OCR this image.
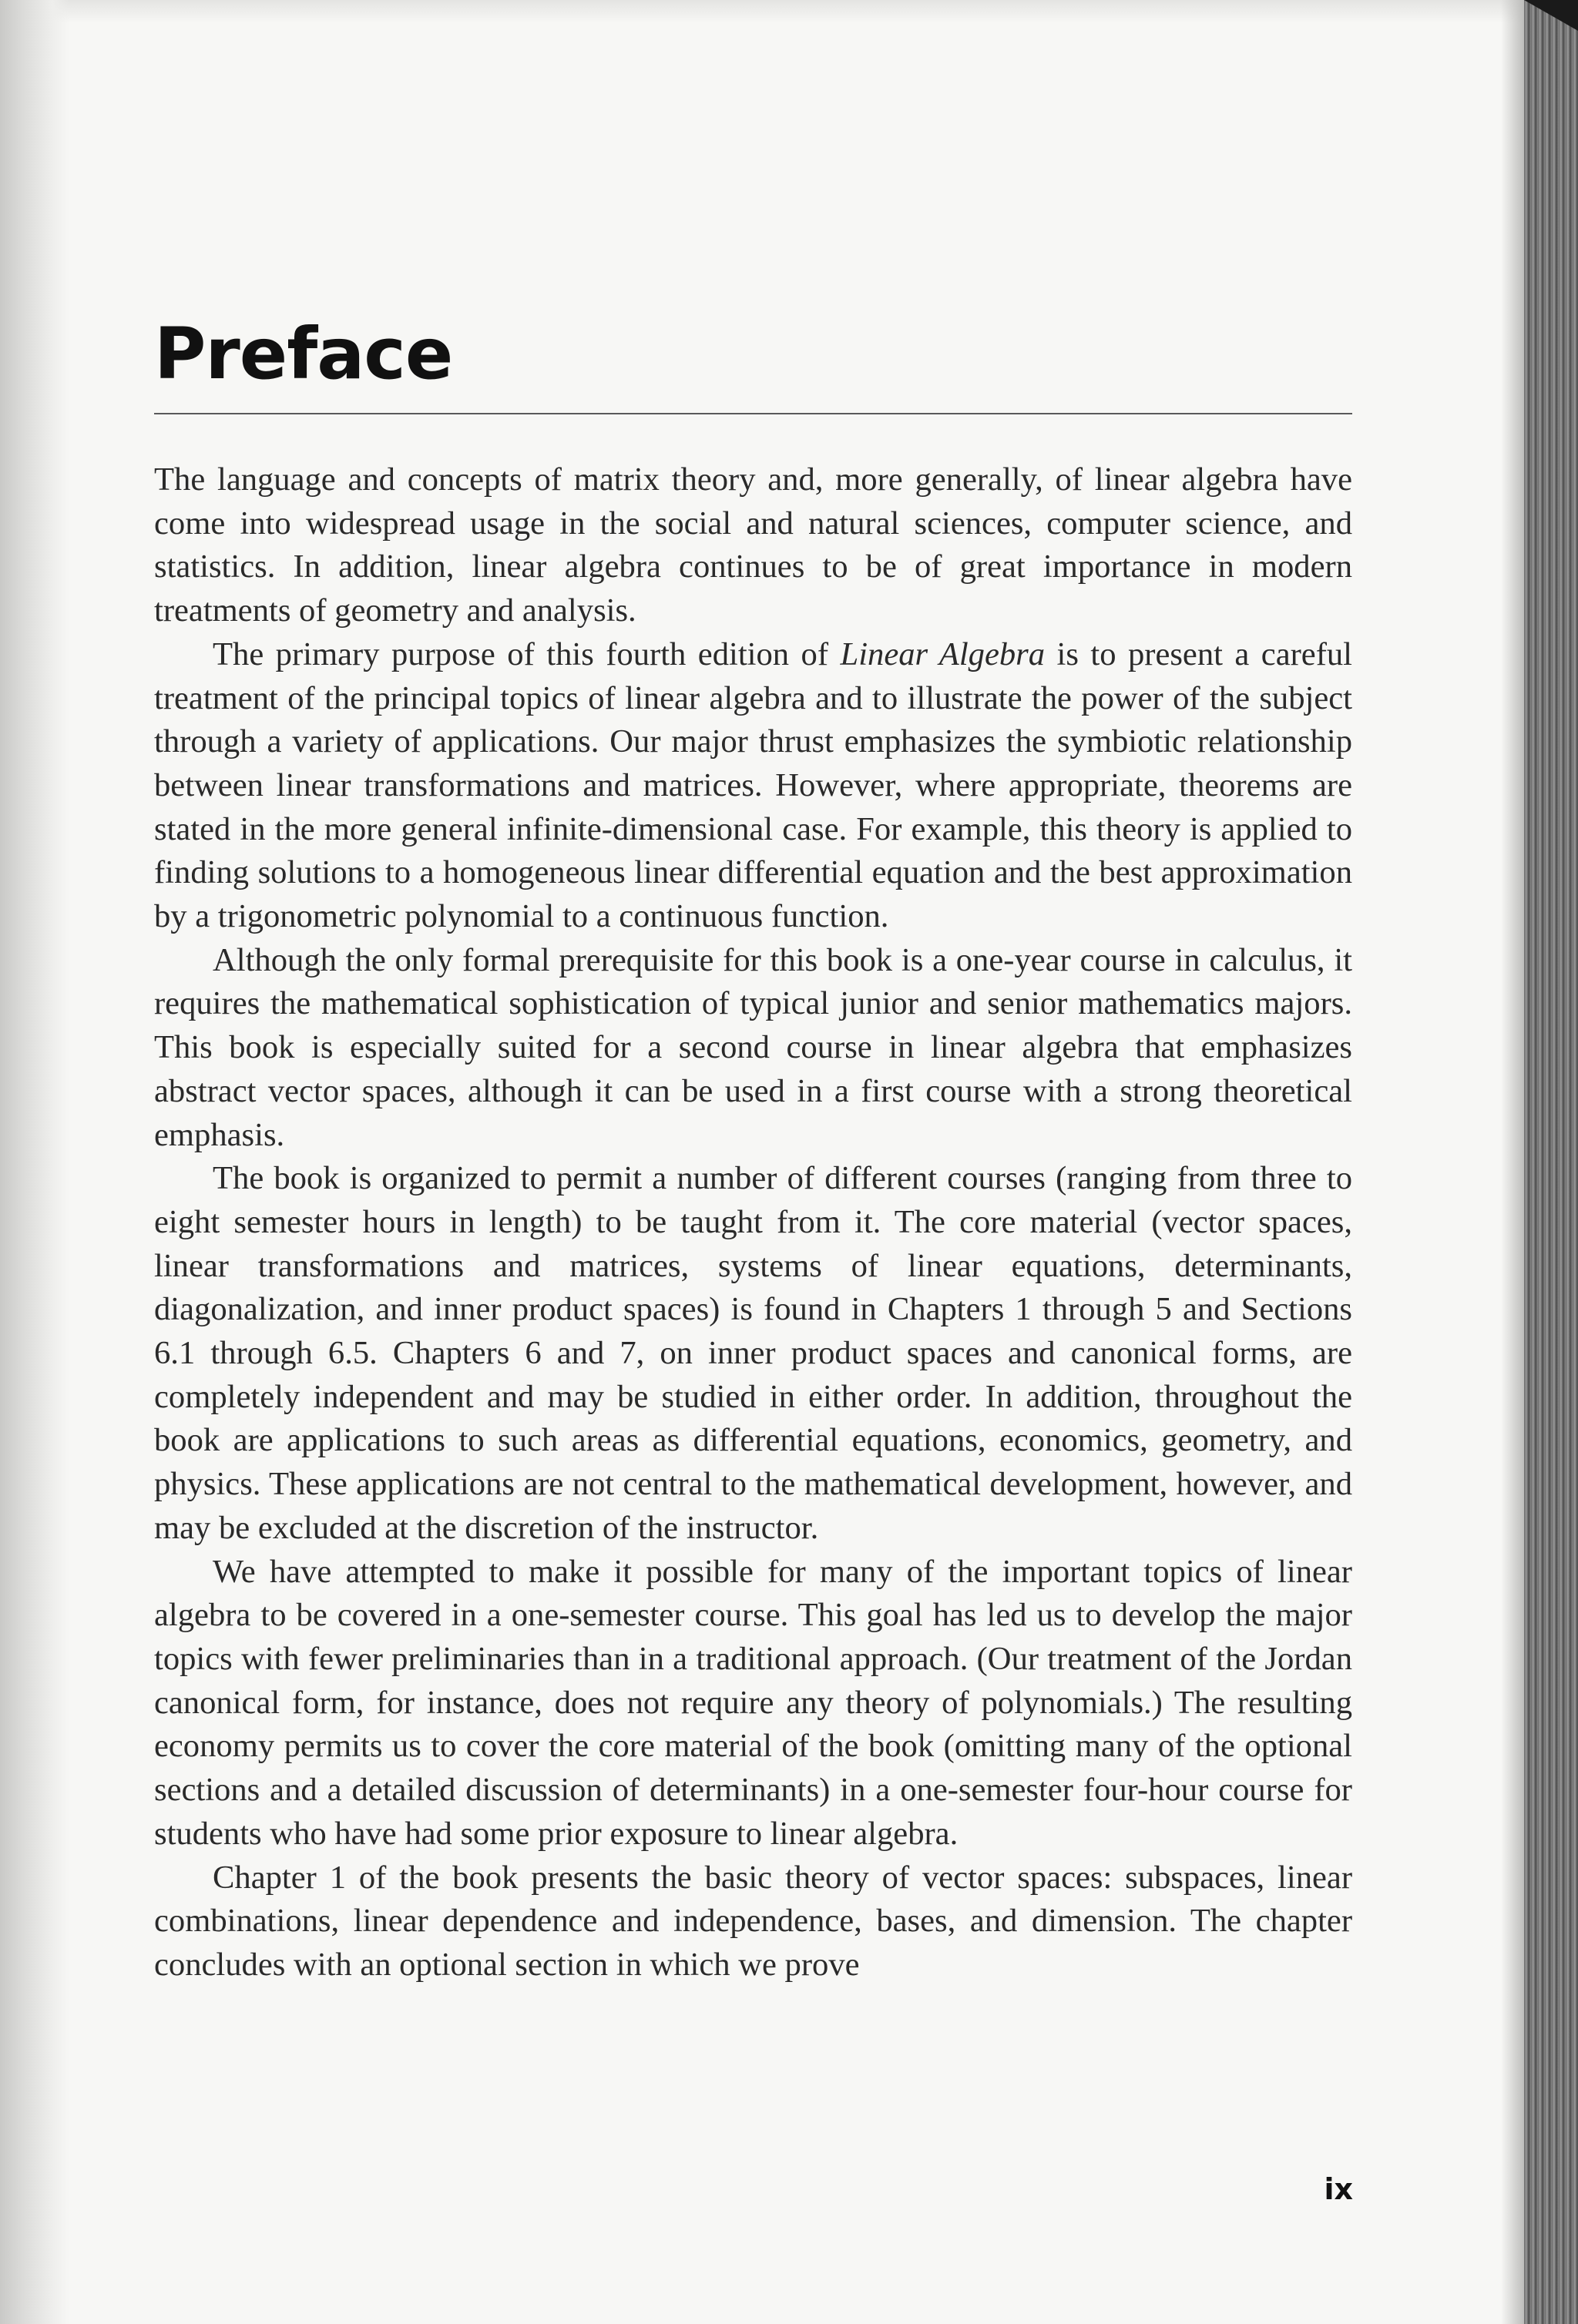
Preface

The language and concepts of matrix theory and, more generally, of linear algebra have come into widespread usage in the social and natural sciences, computer science, and statistics. In addition, linear algebra continues to be of great importance in modern treatments of geometry and analysis.

The primary purpose of this fourth edition of Linear Algebra is to present a careful treatment of the principal topics of linear algebra and to illustrate the power of the subject through a variety of applications. Our major thrust emphasizes the symbiotic relationship between linear transformations and matrices. However, where appropriate, theorems are stated in the more general infinite-dimensional case. For example, this theory is applied to finding solutions to a homogeneous linear differential equation and the best approximation by a trigonometric polynomial to a continuous function.

Although the only formal prerequisite for this book is a one-year course in calculus, it requires the mathematical sophistication of typical junior and senior mathematics majors. This book is especially suited for a second course in linear algebra that emphasizes abstract vector spaces, although it can be used in a first course with a strong theoretical emphasis.

The book is organized to permit a number of different courses (ranging from three to eight semester hours in length) to be taught from it. The core material (vector spaces, linear transformations and matrices, systems of linear equations, determinants, diagonalization, and inner product spaces) is found in Chapters 1 through 5 and Sections 6.1 through 6.5. Chapters 6 and 7, on inner product spaces and canonical forms, are completely independent and may be studied in either order. In addition, throughout the book are applications to such areas as differential equations, economics, geometry, and physics. These applications are not central to the mathematical development, however, and may be excluded at the discretion of the instructor.

We have attempted to make it possible for many of the important topics of linear algebra to be covered in a one-semester course. This goal has led us to develop the major topics with fewer preliminaries than in a traditional approach. (Our treatment of the Jordan canonical form, for instance, does not require any theory of polynomials.) The resulting economy permits us to cover the core material of the book (omitting many of the optional sections and a detailed discussion of determinants) in a one-semester four-hour course for students who have had some prior exposure to linear algebra.

Chapter 1 of the book presents the basic theory of vector spaces: subspaces, linear combinations, linear dependence and independence, bases, and dimension. The chapter concludes with an optional section in which we prove

ix
